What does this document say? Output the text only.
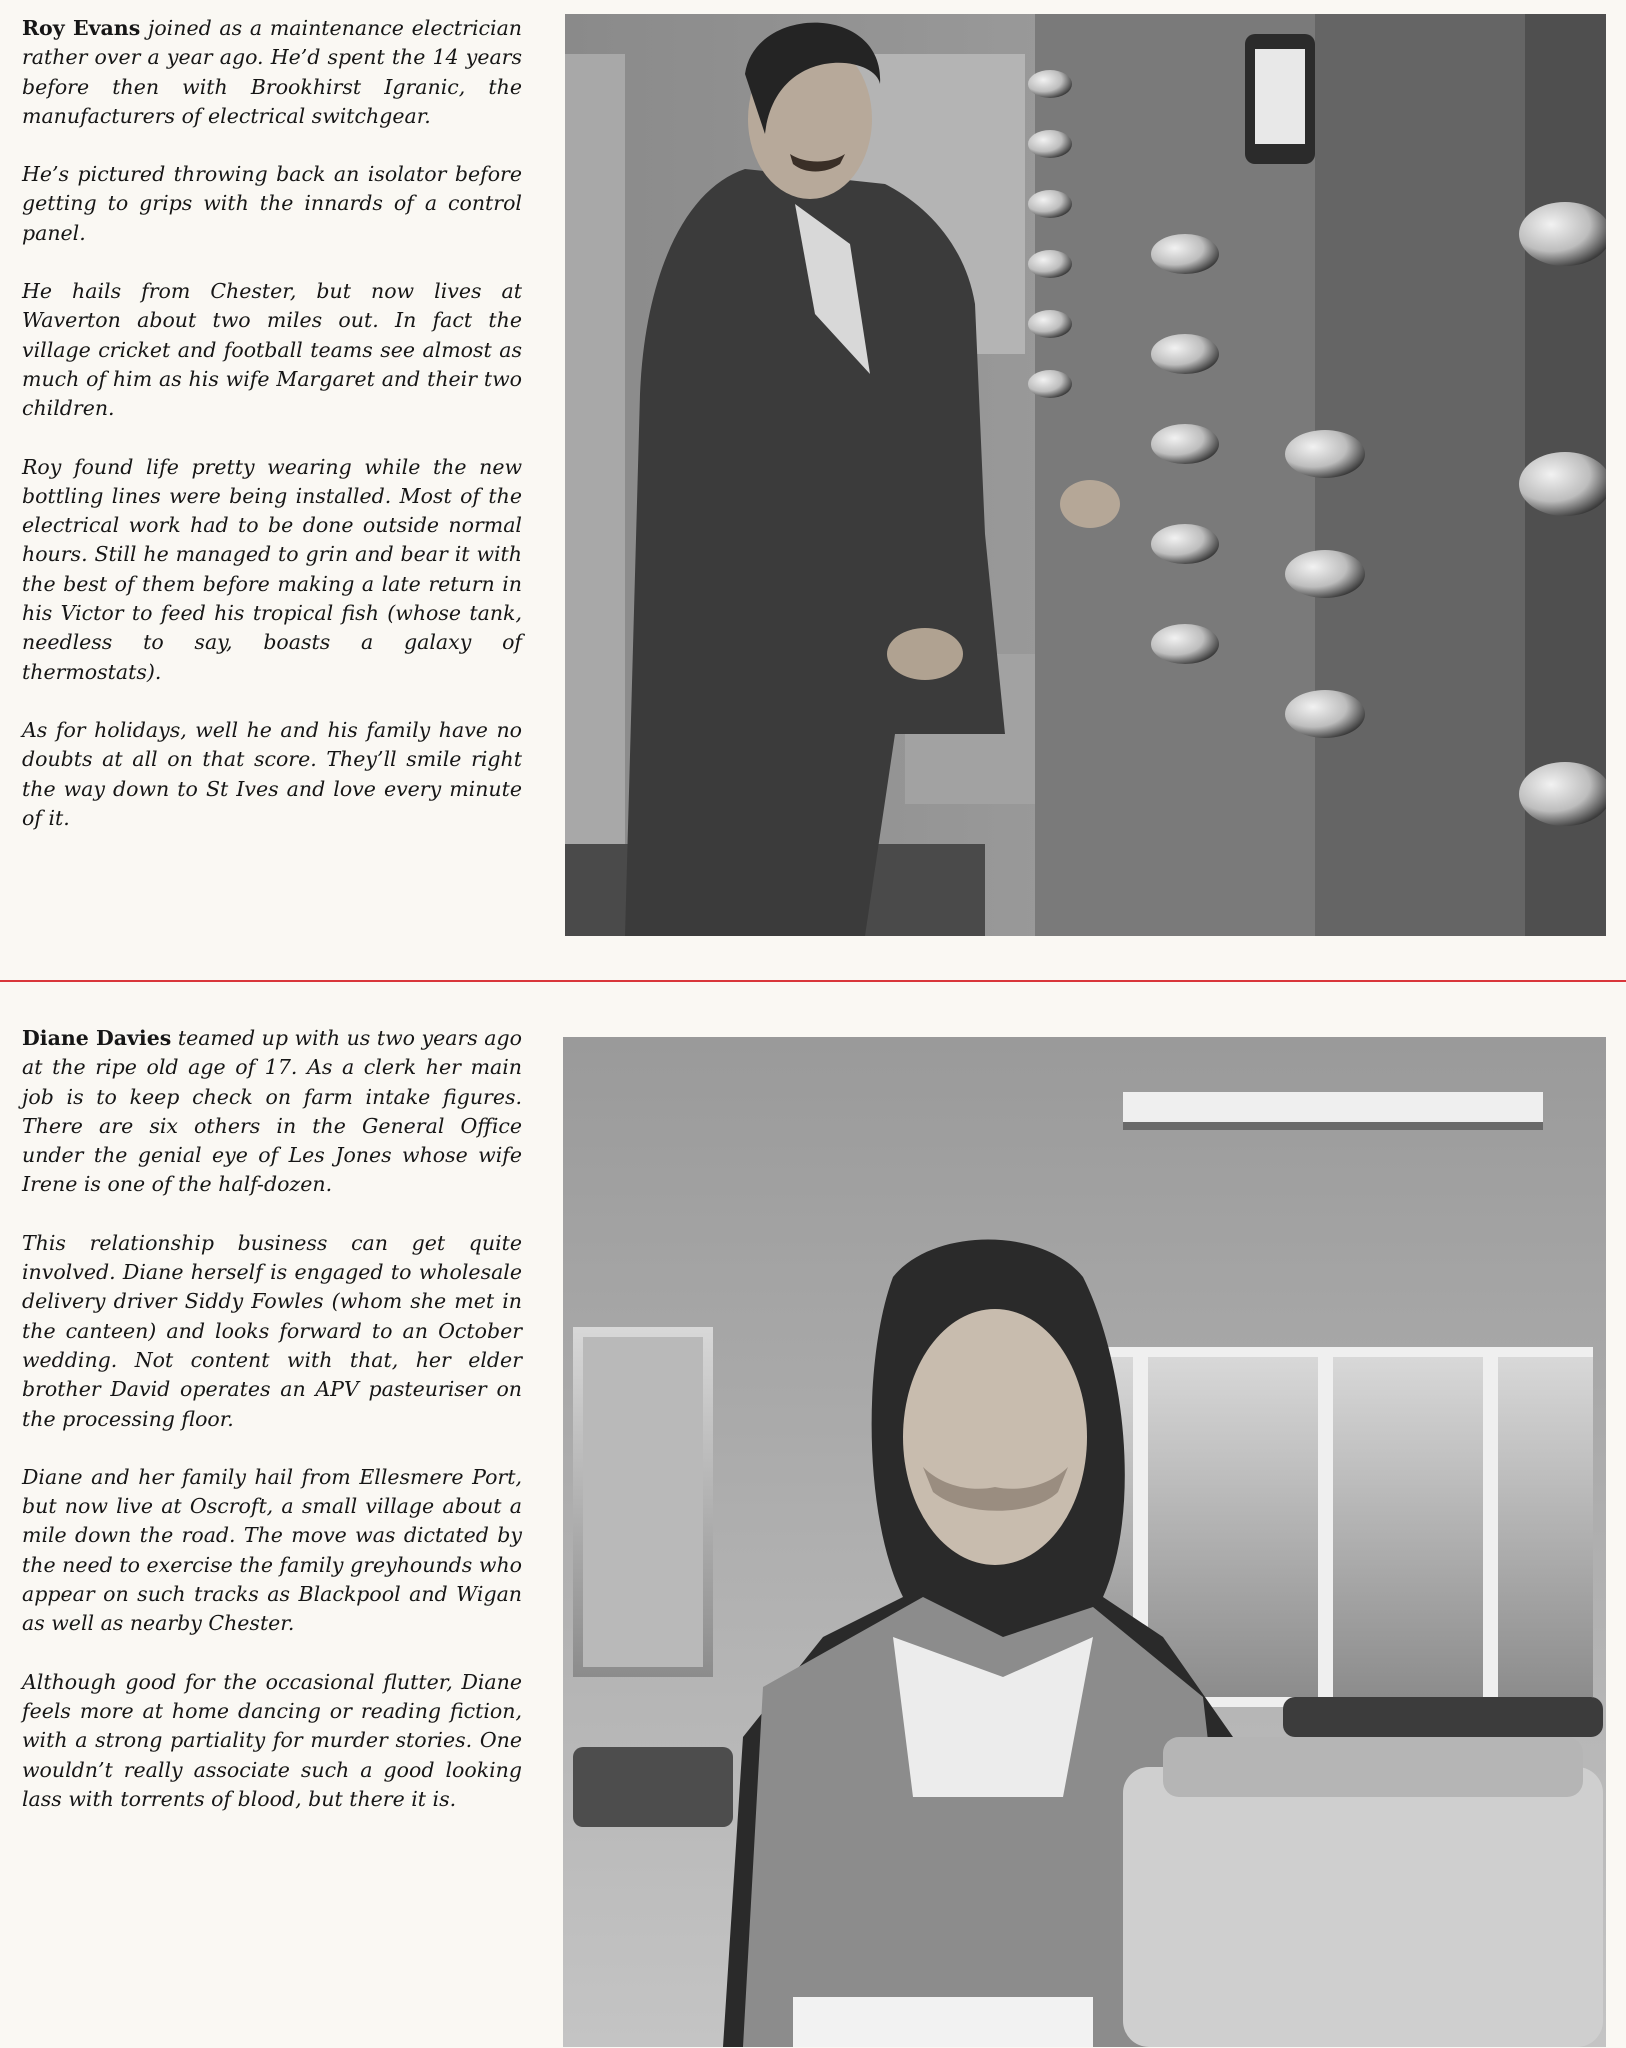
Roy Evans joined as a maintenance electrician rather over a year ago. He’d spent the 14 years before then with Brookhirst Igranic, the manufacturers of electrical switchgear.

He’s pictured throwing back an isolator before getting to grips with the innards of a control panel.

He hails from Chester, but now lives at Waverton about two miles out. In fact the village cricket and football teams see almost as much of him as his wife Margaret and their two children.

Roy found life pretty wearing while the new bottling lines were being installed. Most of the electrical work had to be done outside normal hours. Still he managed to grin and bear it with the best of them before making a late return in his Victor to feed his tropical fish (whose tank, needless to say, boasts a galaxy of thermostats).

As for holidays, well he and his family have no doubts at all on that score. They’ll smile right the way down to St Ives and love every minute of it.

Diane Davies teamed up with us two years ago at the ripe old age of 17. As a clerk her main job is to keep check on farm intake figures. There are six others in the General Office under the genial eye of Les Jones whose wife Irene is one of the half-dozen.

This relationship business can get quite involved. Diane herself is engaged to wholesale delivery driver Siddy Fowles (whom she met in the canteen) and looks forward to an October wedding. Not content with that, her elder brother David operates an APV pasteuriser on the processing floor.

Diane and her family hail from Ellesmere Port, but now live at Oscroft, a small village about a mile down the road. The move was dictated by the need to exercise the family greyhounds who appear on such tracks as Blackpool and Wigan as well as nearby Chester.

Although good for the occasional flutter, Diane feels more at home dancing or reading fiction, with a strong partiality for murder stories. One wouldn’t really associate such a good looking lass with torrents of blood, but there it is.
